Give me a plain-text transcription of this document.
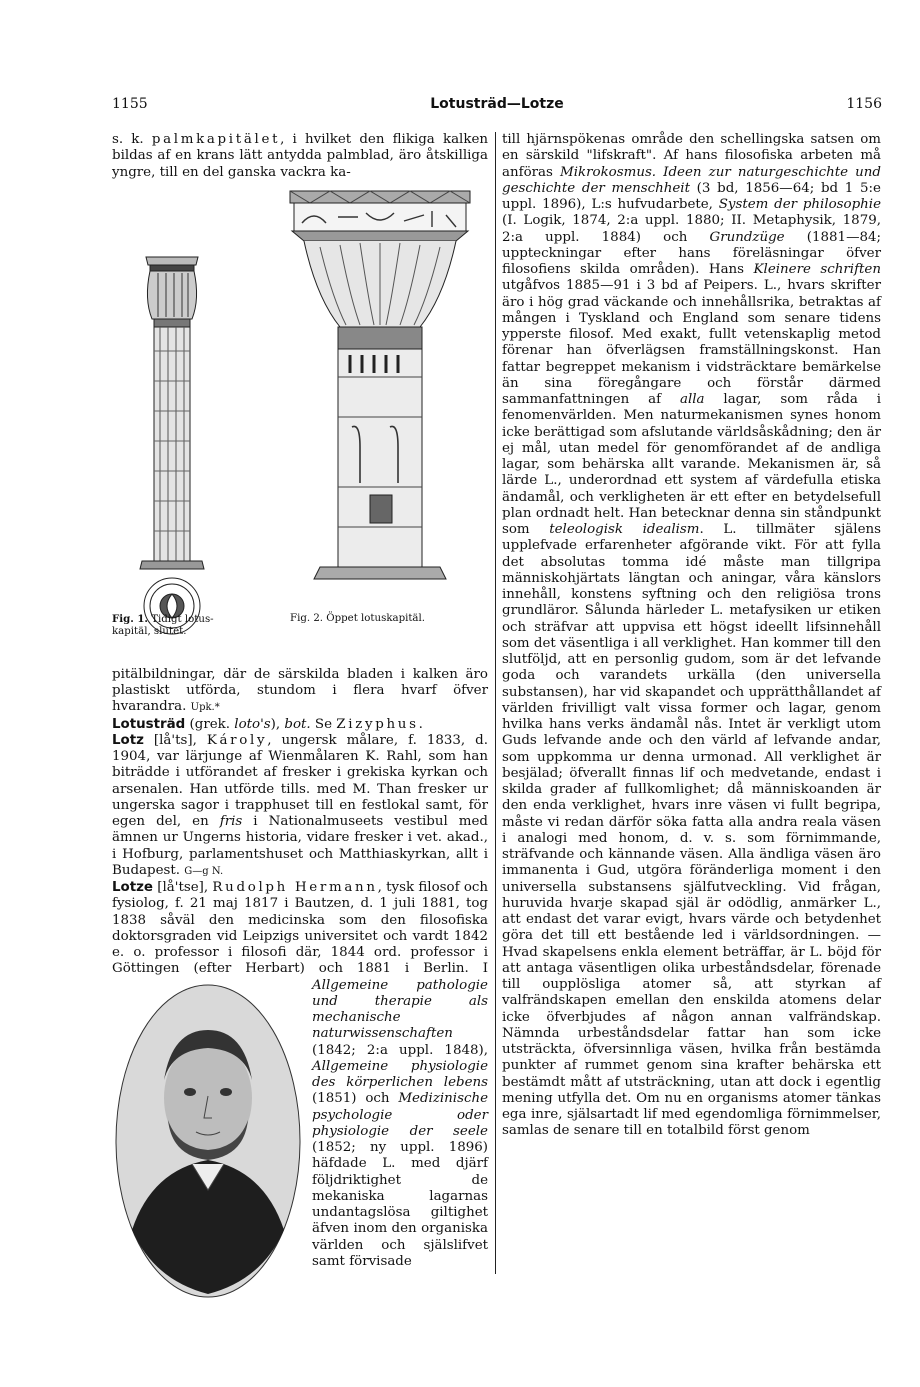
1155	Lotusträd—Lotze	1156

s. k. palmkapitälet, i hvilket den flikiga kalken bildas af en krans lätt antydda palmblad, äro åtskilliga yngre, till en del ganska vackra ka-

Fig. 1. Tidigt lotus-kapitäl, slutet.
Fig. 2. Öppet lotuskapitäl.

pitälbildningar, där de särskilda bladen i kalken äro plastiskt utförda, stundom i flera hvarf öfver hvarandra. Upk.*

Lotusträd (grek. loto's), bot. Se Zizyphus.

Lotz [lå'ts], Károly, ungersk målare, f. 1833, d. 1904, var lärjunge af Wienmålaren K. Rahl, som han biträdde i utförandet af fresker i grekiska kyrkan och arsenalen. Han utförde tills. med M. Than fresker ur ungerska sagor i trapphuset till en festlokal samt, för egen del, en fris i Nationalmuseets vestibul med ämnen ur Ungerns historia, vidare fresker i vet. akad., i Hofburg, parlamentshuset och Matthiaskyrkan, allt i Budapest. G—g N.

Lotze [lå'tse], Rudolph Hermann, tysk filosof och fysiolog, f. 21 maj 1817 i Bautzen, d. 1 juli 1881, tog 1838 såväl den medicinska som den filosofiska doktorsgraden vid Leipzigs universitet och vardt 1842 e. o. professor i filosofi där, 1844 ord. professor i Göttingen (efter Herbart) och 1881 i Berlin. I
Allgemeine pathologie und therapie als mechanische naturwissenschaften (1842; 2:a uppl. 1848), Allgemeine physiologie des körperlichen lebens (1851) och Medizinische psychologie oder physiologie der seele (1852; ny uppl. 1896) häfdade L. med djärf följdriktighet de mekaniska lagarnas undantagslösa giltighet äfven inom den organiska världen och själslifvet samt förvisade

till hjärnspökenas område den schellingska satsen om en särskild "lifskraft". Af hans filosofiska arbeten må anföras Mikrokosmus. Ideen zur naturgeschichte und geschichte der menschheit (3 bd, 1856—64; bd 1 5:e uppl. 1896), L:s hufvudarbete, System der philosophie (I. Logik, 1874, 2:a uppl. 1880; II. Metaphysik, 1879, 2:a uppl. 1884) och Grundzüge (1881—84; uppteckningar efter hans föreläsningar öfver filosofiens skilda områden). Hans Kleinere schriften utgåfvos 1885—91 i 3 bd af Peipers. L., hvars skrifter äro i hög grad väckande och innehållsrika, betraktas af mången i Tyskland och England som senare tidens ypperste filosof. Med exakt, fullt vetenskaplig metod förenar han öfverlägsen framställningskonst. Han fattar begreppet mekanism i vidsträcktare bemärkelse än sina föregångare och förstår därmed sammanfattningen af alla lagar, som råda i fenomenvärlden. Men naturmekanismen synes honom icke berättigad som afslutande världsåskådning; den är ej mål, utan medel för genomförandet af de andliga lagar, som behärska allt varande. Mekanismen är, så lärde L., underordnad ett system af värdefulla etiska ändamål, och verkligheten är ett efter en betydelsefull plan ordnadt helt. Han betecknar denna sin ståndpunkt som teleologisk idealism. L. tillmäter själens upplefvade erfarenheter afgörande vikt. För att fylla det absolutas tomma idé måste man tillgripa människohjärtats längtan och aningar, våra känslors innehåll, konstens syftning och den religiösa trons grundläror. Sålunda härleder L. metafysiken ur etiken och sträfvar att uppvisa ett högst ideellt lifsinnehåll som det väsentliga i all verklighet. Han kommer till den slutföljd, att en personlig gudom, som är det lefvande goda och varandets urkälla (den universella substansen), har vid skapandet och upprätthållandet af världen frivilligt valt vissa former och lagar, genom hvilka hans verks ändamål nås. Intet är verkligt utom Guds lefvande ande och den värld af lefvande andar, som uppkomma ur denna urmonad. All verklighet är besjälad; öfverallt finnas lif och medvetande, endast i skilda grader af fullkomlighet; då människoanden är den enda verklighet, hvars inre väsen vi fullt begripa, måste vi redan därför söka fatta alla andra reala väsen i analogi med honom, d. v. s. som förnimmande, sträfvande och kännande väsen. Alla ändliga väsen äro immanenta i Gud, utgöra föränderliga moment i den universella substansens själfutveckling. Vid frågan, huruvida hvarje skapad själ är odödlig, anmärker L., att endast det varar evigt, hvars värde och betydenhet göra det till ett bestående led i världsordningen. — Hvad skapelsens enkla element beträffar, är L. böjd för att antaga väsentligen olika urbeståndsdelar, förenade till oupplösliga atomer så, att styrkan af valfrändskapen emellan den enskilda atomens delar icke öfverbjudes af någon annan valfrändskap. Nämnda urbeståndsdelar fattar han som icke utsträckta, öfversinnliga väsen, hvilka från bestämda punkter af rummet genom sina krafter behärska ett bestämdt mått af utsträckning, utan att dock i egentlig mening utfylla det. Om nu en organisms atomer tänkas ega inre, själsartadt lif med egendomliga förnimmelser, samlas de senare till en totalbild först genom
